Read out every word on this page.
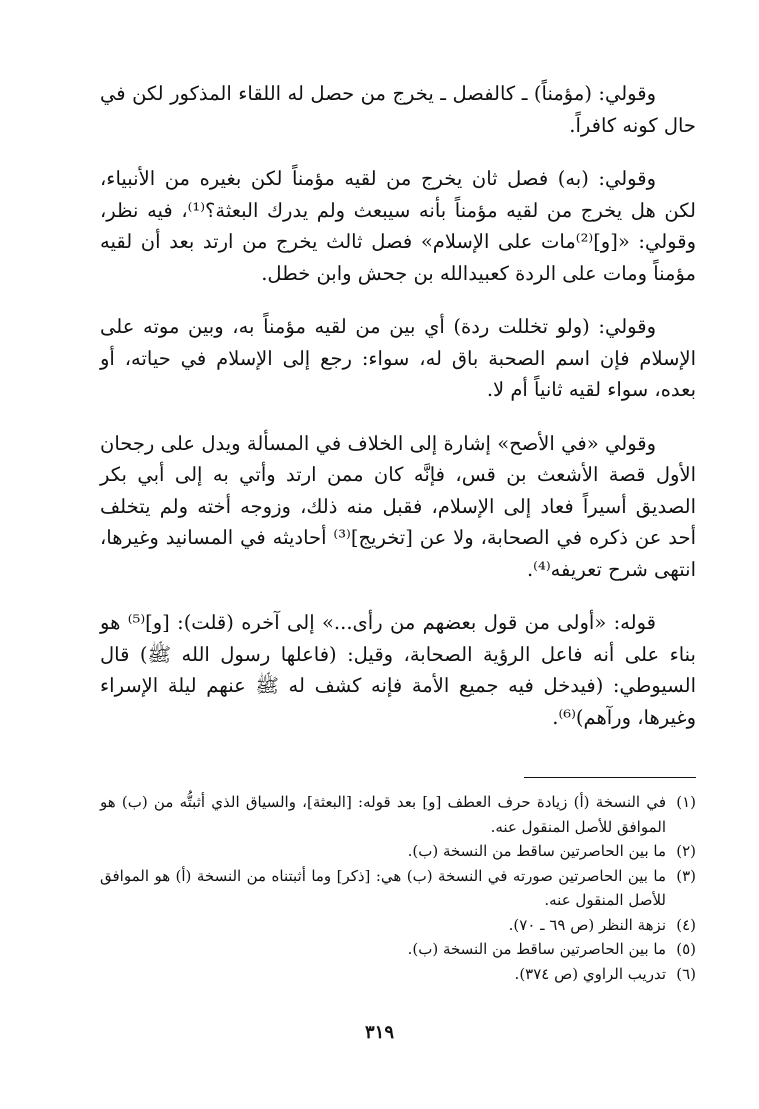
وقولي: (مؤمناً) ـ كالفصل ـ يخرج من حصل له اللقاء المذكور لكن في حال كونه كافراً.

وقولي: (به) فصل ثان يخرج من لقيه مؤمناً لكن بغيره من الأنبياء، لكن هل يخرج من لقيه مؤمناً بأنه سيبعث ولم يدرك البعثة؟⁽¹⁾، فيه نظر، وقولي: «[و]⁽²⁾مات على الإسلام» فصل ثالث يخرج من ارتد بعد أن لقيه مؤمناً ومات على الردة كعبيدالله بن جحش وابن خطل.

وقولي: (ولو تخللت ردة) أي بين من لقيه مؤمناً به، وبين موته على الإسلام فإن اسم الصحبة باق له، سواء: رجع إلى الإسلام في حياته، أو بعده، سواء لقيه ثانياً أم لا.

وقولي «في الأصح» إشارة إلى الخلاف في المسألة ويدل على رجحان الأول قصة الأشعث بن قس، فإنَّه كان ممن ارتد وأتي به إلى أبي بكر الصديق أسيراً فعاد إلى الإسلام، فقبل منه ذلك، وزوجه أخته ولم يتخلف أحد عن ذكره في الصحابة، ولا عن [تخريج]⁽³⁾ أحاديثه في المسانيد وغيرها، انتهى شرح تعريفه⁽⁴⁾.

قوله: «أولى من قول بعضهم من رأى...» إلى آخره (قلت): [و]⁽⁵⁾ هو بناء على أنه فاعل الرؤية الصحابة، وقيل: (فاعلها رسول الله ﷺ) قال السيوطي: (فيدخل فيه جميع الأمة فإنه كشف له ﷺ عنهم ليلة الإسراء وغيرها، ورآهم)⁽⁶⁾.

(١)
في النسخة (أ) زيادة حرف العطف [و] بعد قوله: [البعثة]، والسياق الذي أثبتُّه من (ب) هو الموافق للأصل المنقول عنه.
(٢)
ما بين الحاصرتين ساقط من النسخة (ب).
(٣)
ما بين الحاصرتين صورته في النسخة (ب) هي: [ذكر] وما أثبتناه من النسخة (أ) هو الموافق للأصل المنقول عنه.
(٤)
نزهة النظر (ص ٦٩ ـ ٧٠).
(٥)
ما بين الحاصرتين ساقط من النسخة (ب).
(٦)
تدريب الراوي (ص ٣٧٤).
٣١٩
